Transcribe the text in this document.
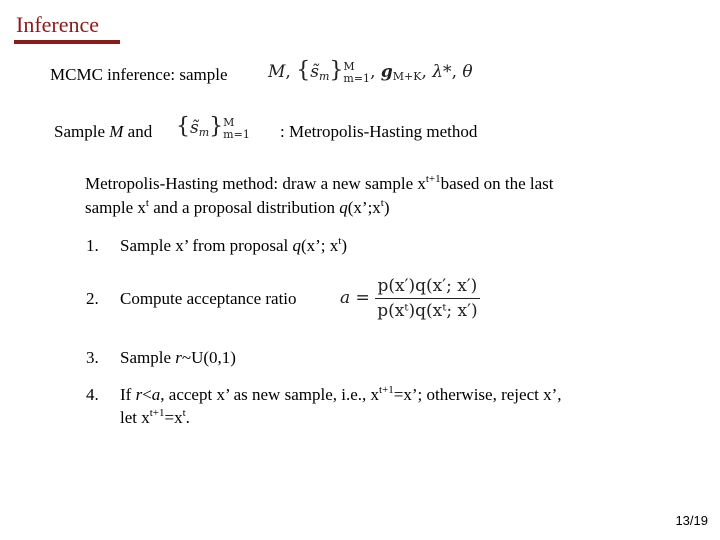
Inference
MCMC inference: sample M, $\{s̃_m\}M$
m=1, $g_{M+K}$, λ*, θ
Sample M and $\{s̃_m\}M$
m=1 : Metropolis-Hasting method
Metropolis-Hasting method: draw a new sample $x^{t+1}based$ on the last
sample $x^t$ and a proposal distribution $q(x’;x^t)$
1. Sample x’ from proposal q(x’; $x^t$)
2. Compute acceptance ratio	$a = \frac{p(x')q(x'; x')}{\text{p(xᵗ)q(xᵗ; x′)}}$
3. Sample r~U(0,1)
4. If r<a, accept x’ as new sample, i.e., $x^{t+1}=x$’; otherwise, reject x’,
let $x^{t+1}=x^t$.
13/19
